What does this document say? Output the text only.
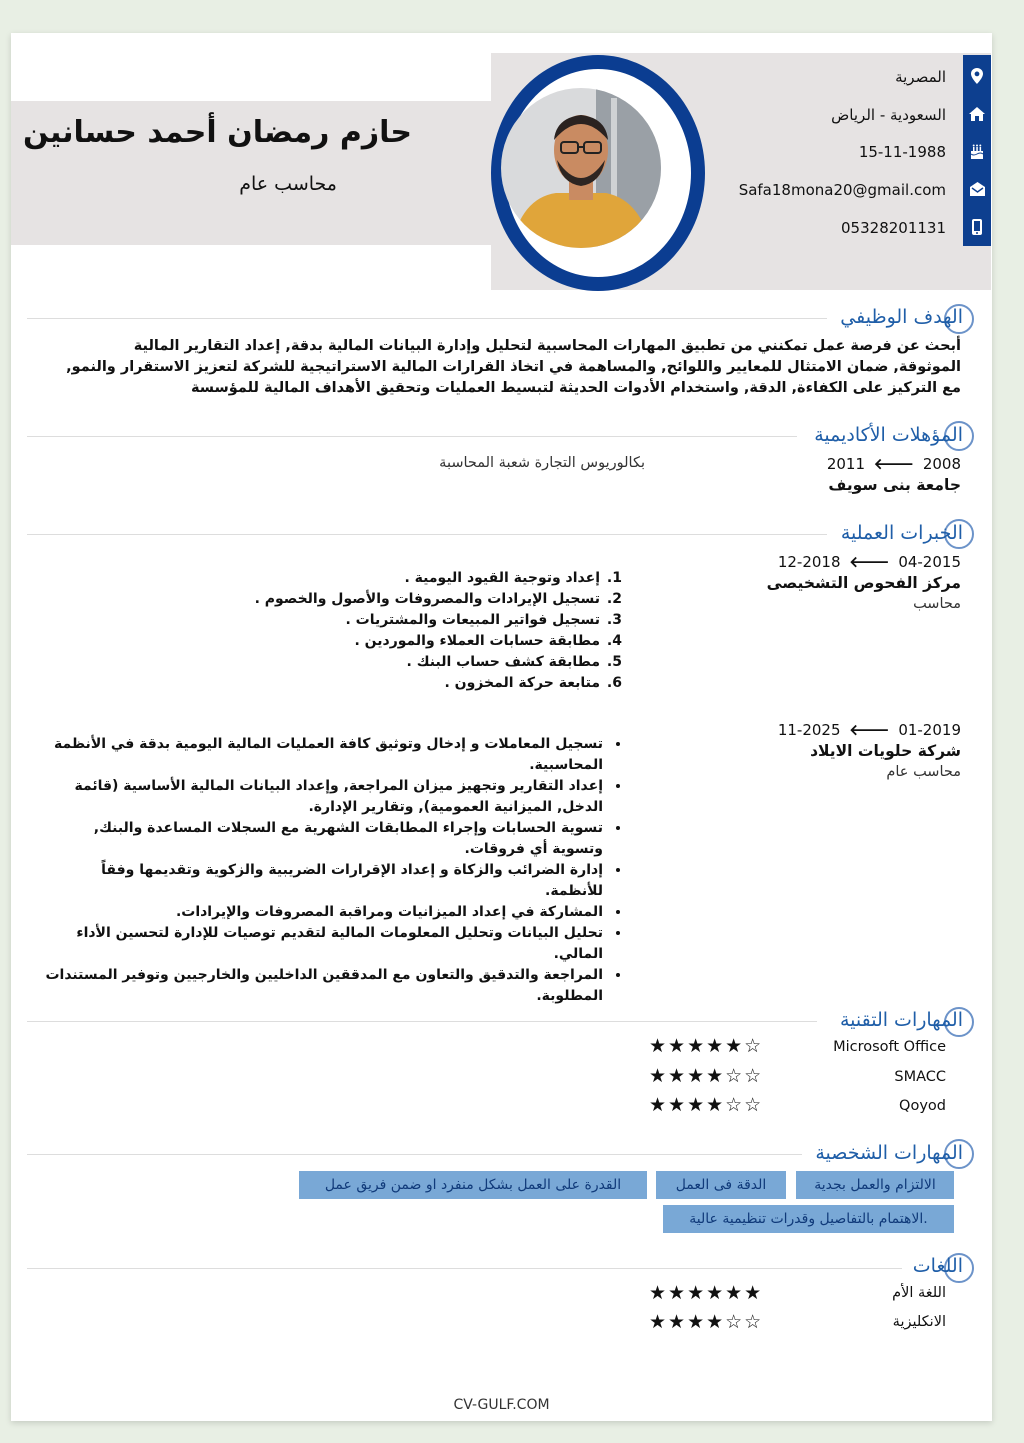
حازم رمضان أحمد حسانين
محاسب عام
المصرية
السعودية - الرياض
15-11-1988
Safa18mona20@gmail.com
05328201131
الهدف الوظيفي
أبحث عن فرصة عمل تمكنني من تطبيق المهارات المحاسبية لتحليل وإدارة البيانات المالية بدقة, إعداد التقارير المالية الموثوقة, ضمان الامتثال للمعايير واللوائح, والمساهمة في اتخاذ القرارات المالية الاستراتيجية للشركة لتعزيز الاستقرار والنمو, مع التركيز على الكفاءة, الدقة, واستخدام الأدوات الحديثة لتبسيط العمليات وتحقيق الأهداف المالية للمؤسسة
المؤهلات الأكاديمية
2011 🡐 2008
جامعة بنى سويف
بكالوريوس التجارة شعبة المحاسبة
الخبرات العملية
12-2018 🡐 04-2015
مركز الفحوص التشخيصى
محاسب
1. إعداد وتوجية القيود اليومية .
2. تسجيل الإيرادات والمصروفات والأصول والخصوم .
3. تسجيل فواتير المبيعات والمشتريات .
4. مطابقة حسابات العملاء والموردين .
5. مطابقة كشف حساب البنك .
6. متابعة حركة المخزون .
11-2025 🡐 01-2019
شركة حلويات الايلاد
محاسب عام
• تسجيل المعاملات و إدخال وتوثيق كافة العمليات المالية اليومية بدقة في الأنظمة المحاسبية.
• إعداد التقارير وتجهيز ميزان المراجعة, وإعداد البيانات المالية الأساسية (قائمة الدخل, الميزانية العمومية), وتقارير الإدارة.
• تسوية الحسابات وإجراء المطابقات الشهرية مع السجلات المساعدة والبنك, وتسوية أي فروقات.
• إدارة الضرائب والزكاة و إعداد الإقرارات الضريبية والزكوية وتقديمها وفقاً للأنظمة.
• المشاركة في إعداد الميزانيات ومراقبة المصروفات والإيرادات.
• تحليل البيانات وتحليل المعلومات المالية لتقديم توصيات للإدارة لتحسين الأداء المالي.
• المراجعة والتدقيق والتعاون مع المدققين الداخليين والخارجيين وتوفير المستندات المطلوبة.
المهارات التقنية
Microsoft Office
★★★★★☆
SMACC
★★★★☆☆
Qoyod
★★★★☆☆
المهارات الشخصية
الالتزام والعمل بجدية
الدقة فى العمل
القدرة على العمل بشكل منفرد او ضمن فريق عمل
الاهتمام بالتفاصيل وقدرات تنظيمية عالية.
اللغات
اللغة الأم
★★★★★★
الانكليزية
★★★★☆☆
CV-GULF.COM
